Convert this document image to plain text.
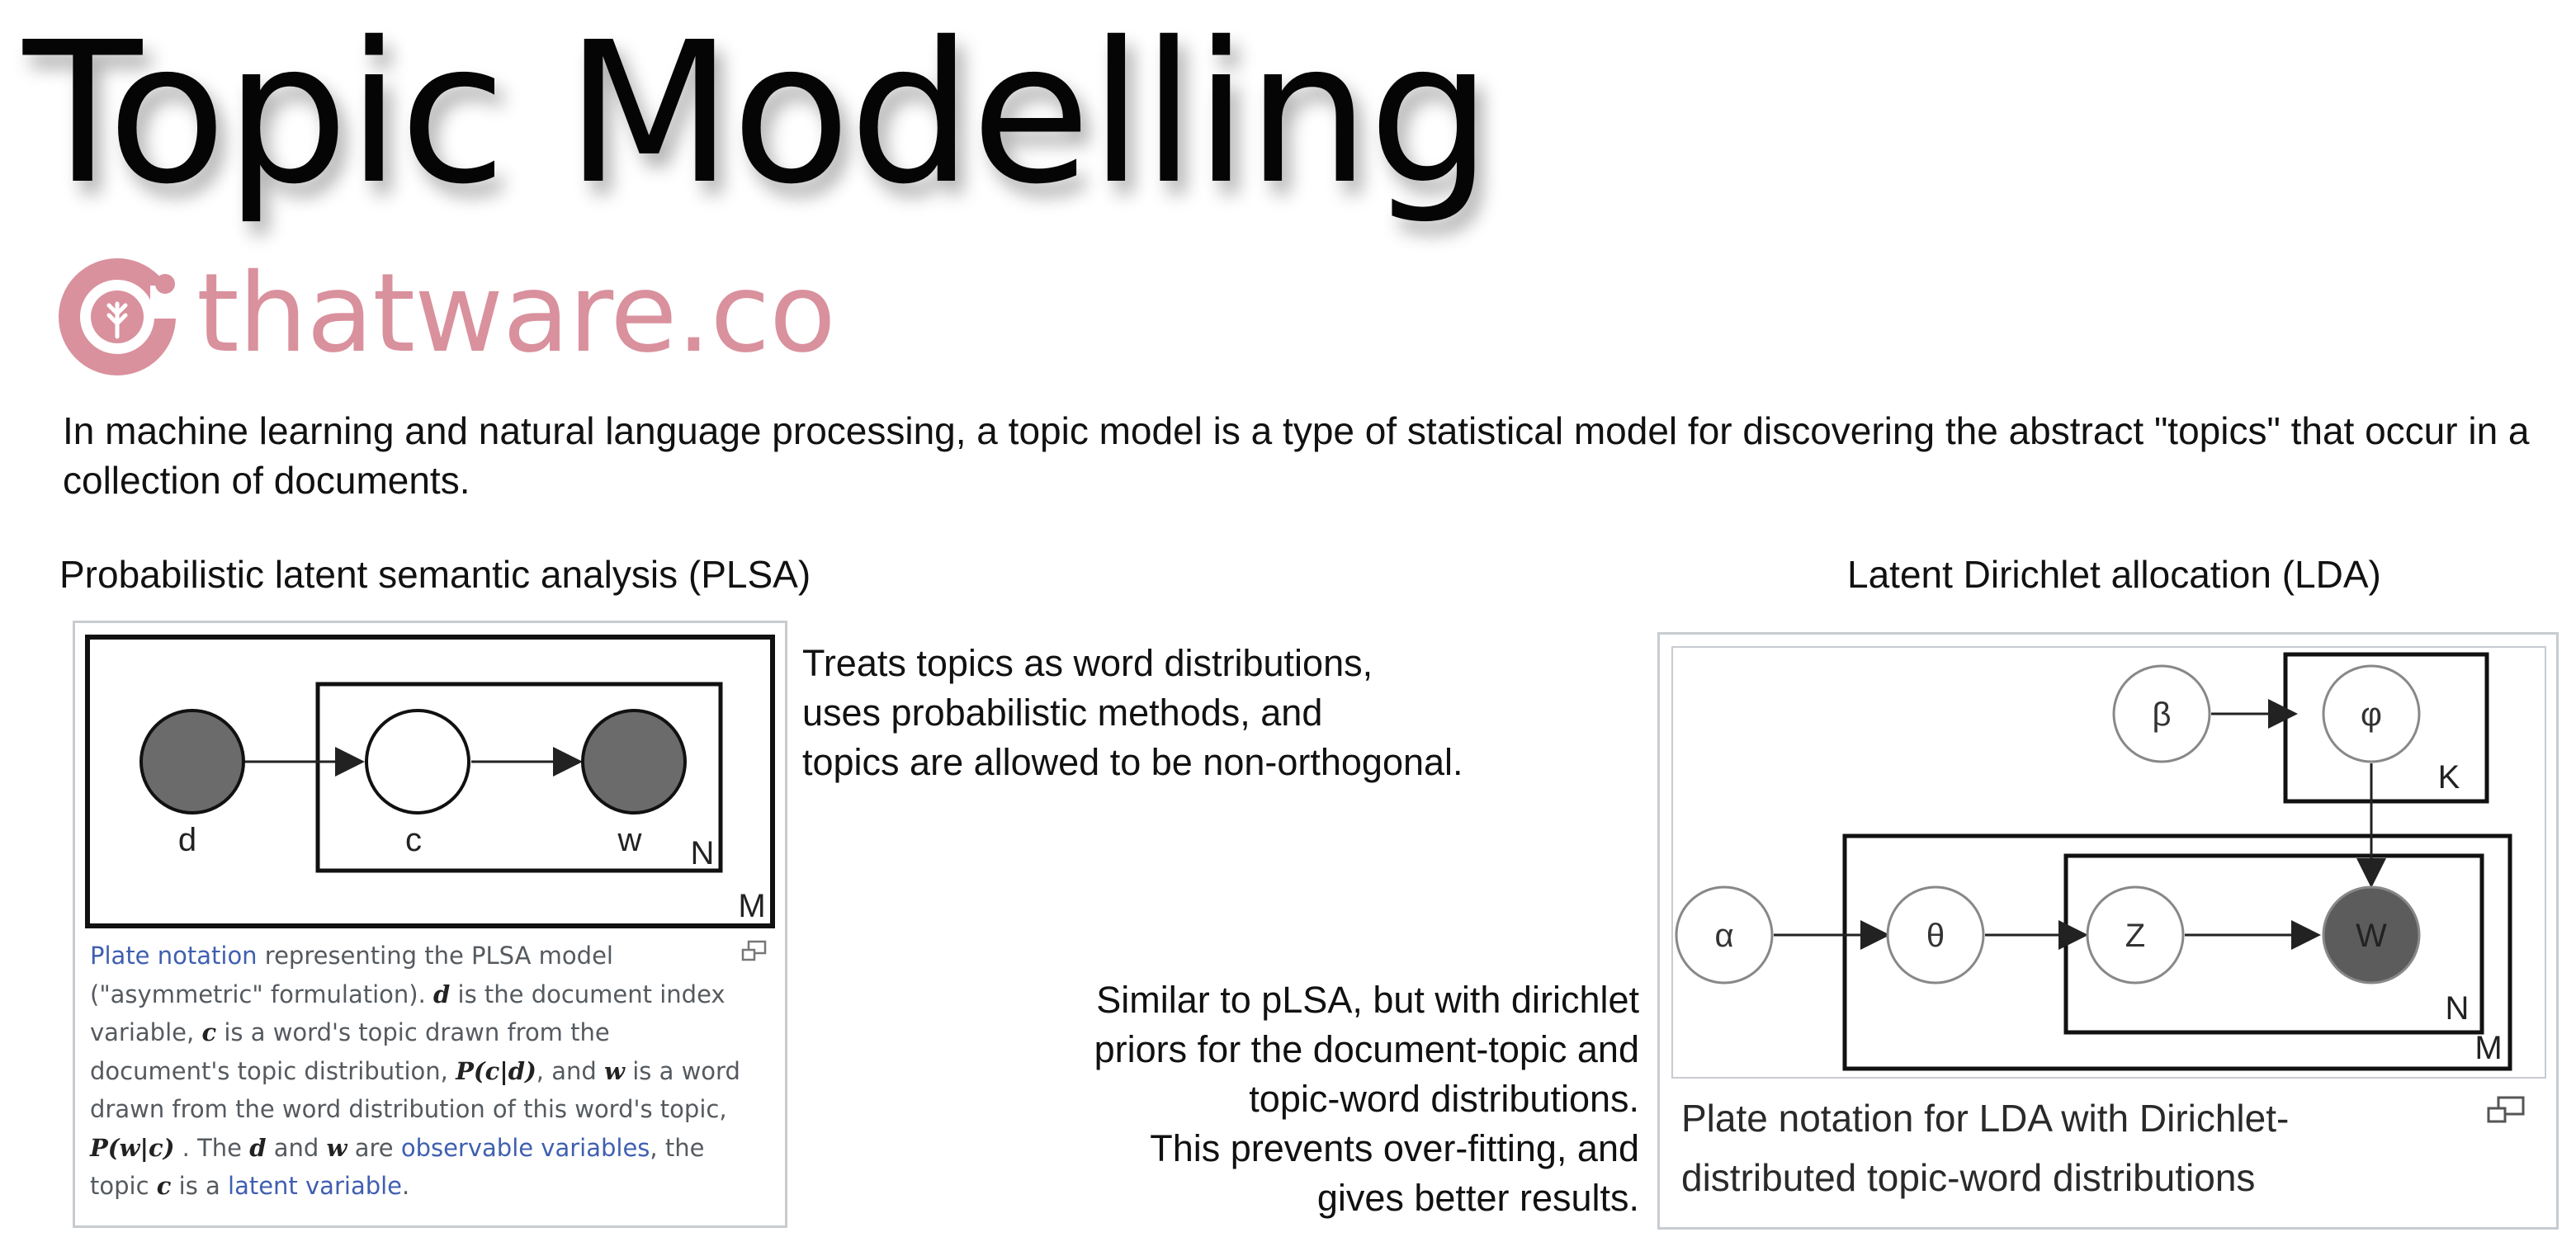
Topic Modelling
thatware.co
In machine learning and natural language processing, a topic model is a type of statistical model for discovering the abstract "topics" that occur in a collection of documents.
Probabilistic latent semantic analysis (PLSA)
d	c	w N
M
Plate notation representing the PLSA model ("asymmetric" formulation). d is the document index variable, c is a word's topic drawn from the document's topic distribution, P(c|d), and w is a word drawn from the word distribution of this word's topic, P(w|c) . The d and w are observable variables, the topic c is a latent variable.
Treats topics as word distributions,
uses probabilistic methods, and
topics are allowed to be non-orthogonal.
Latent Dirichlet allocation (LDA)
β	φ
α	θ	Z	W
K
N
M
Plate notation for LDA with Dirichlet-
distributed topic-word distributions
Similar to pLSA, but with dirichlet
priors for the document-topic and
topic-word distributions.
This prevents over-fitting, and
gives better results.
